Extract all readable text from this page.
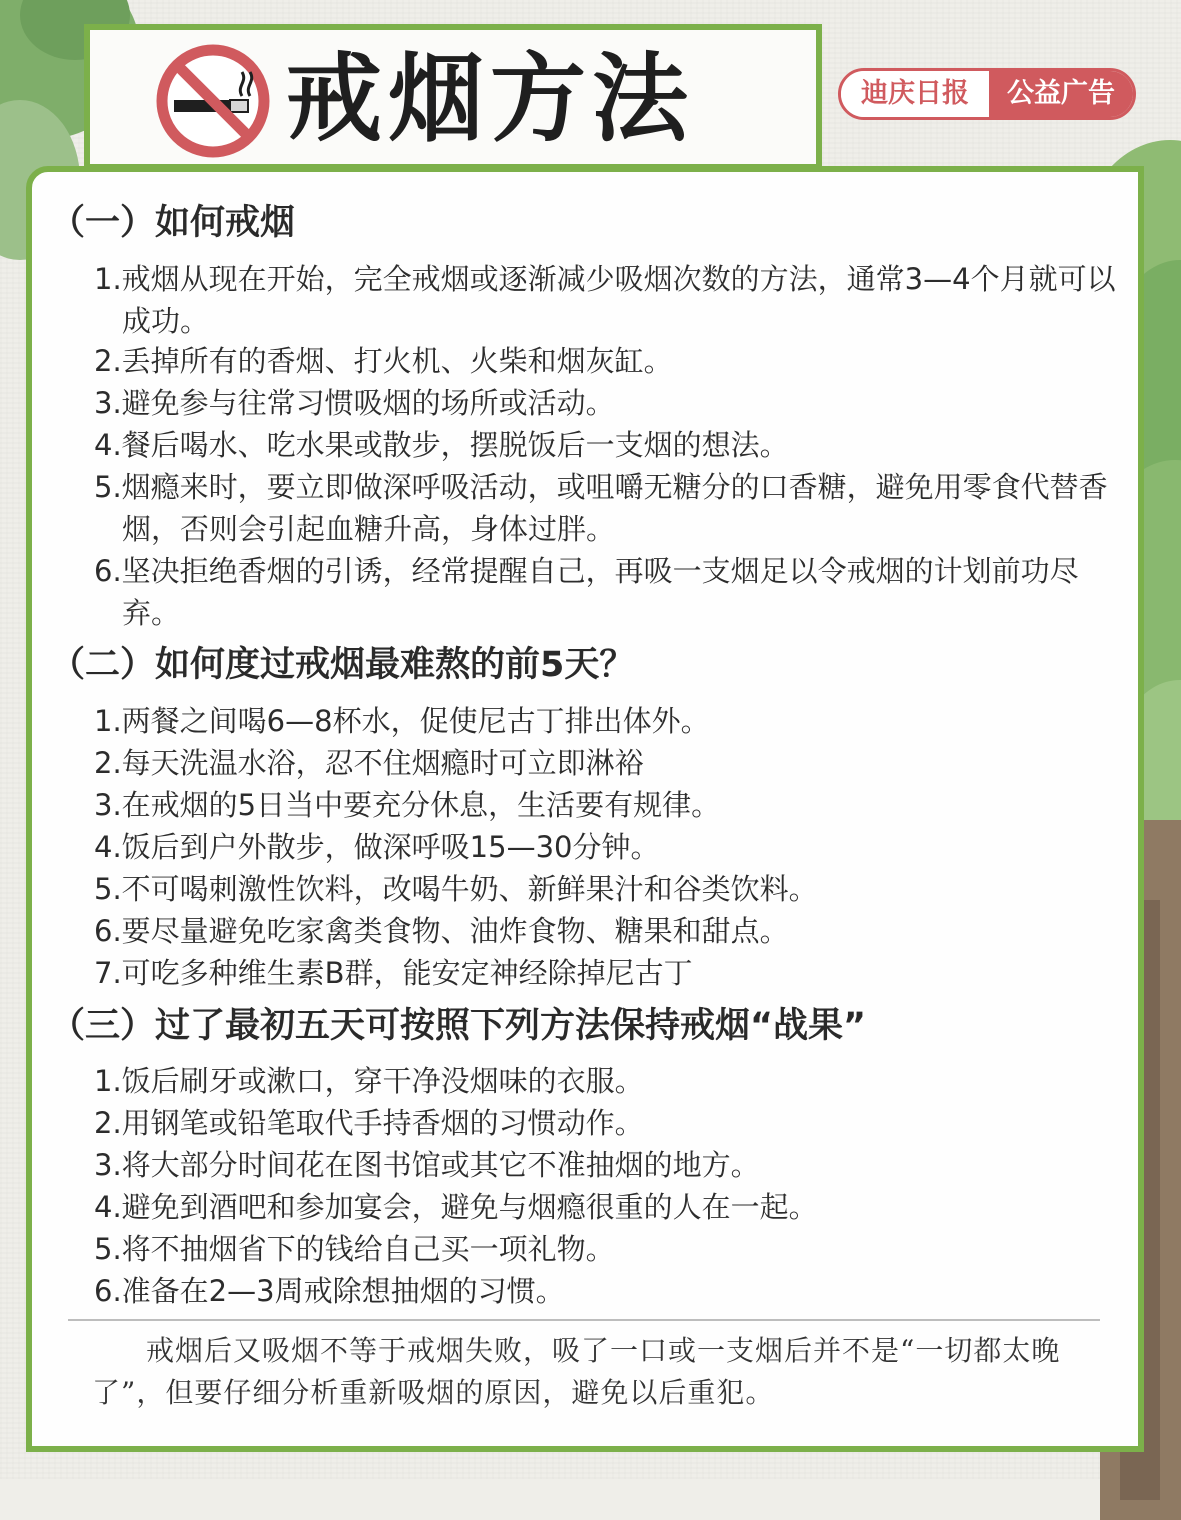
戒烟方法	迪庆日报	公益广告
（一）如何戒烟
1.戒烟从现在开始，完全戒烟或逐渐减少吸烟次数的方法，通常3—4个月就可以成功。
2.丢掉所有的香烟、打火机、火柴和烟灰缸。
3.避免参与往常习惯吸烟的场所或活动。
4.餐后喝水、吃水果或散步，摆脱饭后一支烟的想法。
5.烟瘾来时，要立即做深呼吸活动，或咀嚼无糖分的口香糖，避免用零食代替香烟，否则会引起血糖升高，身体过胖。
6.坚决拒绝香烟的引诱，经常提醒自己，再吸一支烟足以令戒烟的计划前功尽弃。
（二）如何度过戒烟最难熬的前5天？
1.两餐之间喝6—8杯水，促使尼古丁排出体外。
2.每天洗温水浴，忍不住烟瘾时可立即淋裕
3.在戒烟的5日当中要充分休息，生活要有规律。
4.饭后到户外散步，做深呼吸15—30分钟。
5.不可喝刺激性饮料，改喝牛奶、新鲜果汁和谷类饮料。
6.要尽量避免吃家禽类食物、油炸食物、糖果和甜点。
7.可吃多种维生素B群，能安定神经除掉尼古丁
（三）过了最初五天可按照下列方法保持戒烟“战果”
1.饭后刷牙或漱口，穿干净没烟味的衣服。
2.用钢笔或铅笔取代手持香烟的习惯动作。
3.将大部分时间花在图书馆或其它不准抽烟的地方。
4.避免到酒吧和参加宴会，避免与烟瘾很重的人在一起。
5.将不抽烟省下的钱给自己买一项礼物。
6.准备在2—3周戒除想抽烟的习惯。
戒烟后又吸烟不等于戒烟失败，吸了一口或一支烟后并不是“一切都太晚了”，但要仔细分析重新吸烟的原因，避免以后重犯。
